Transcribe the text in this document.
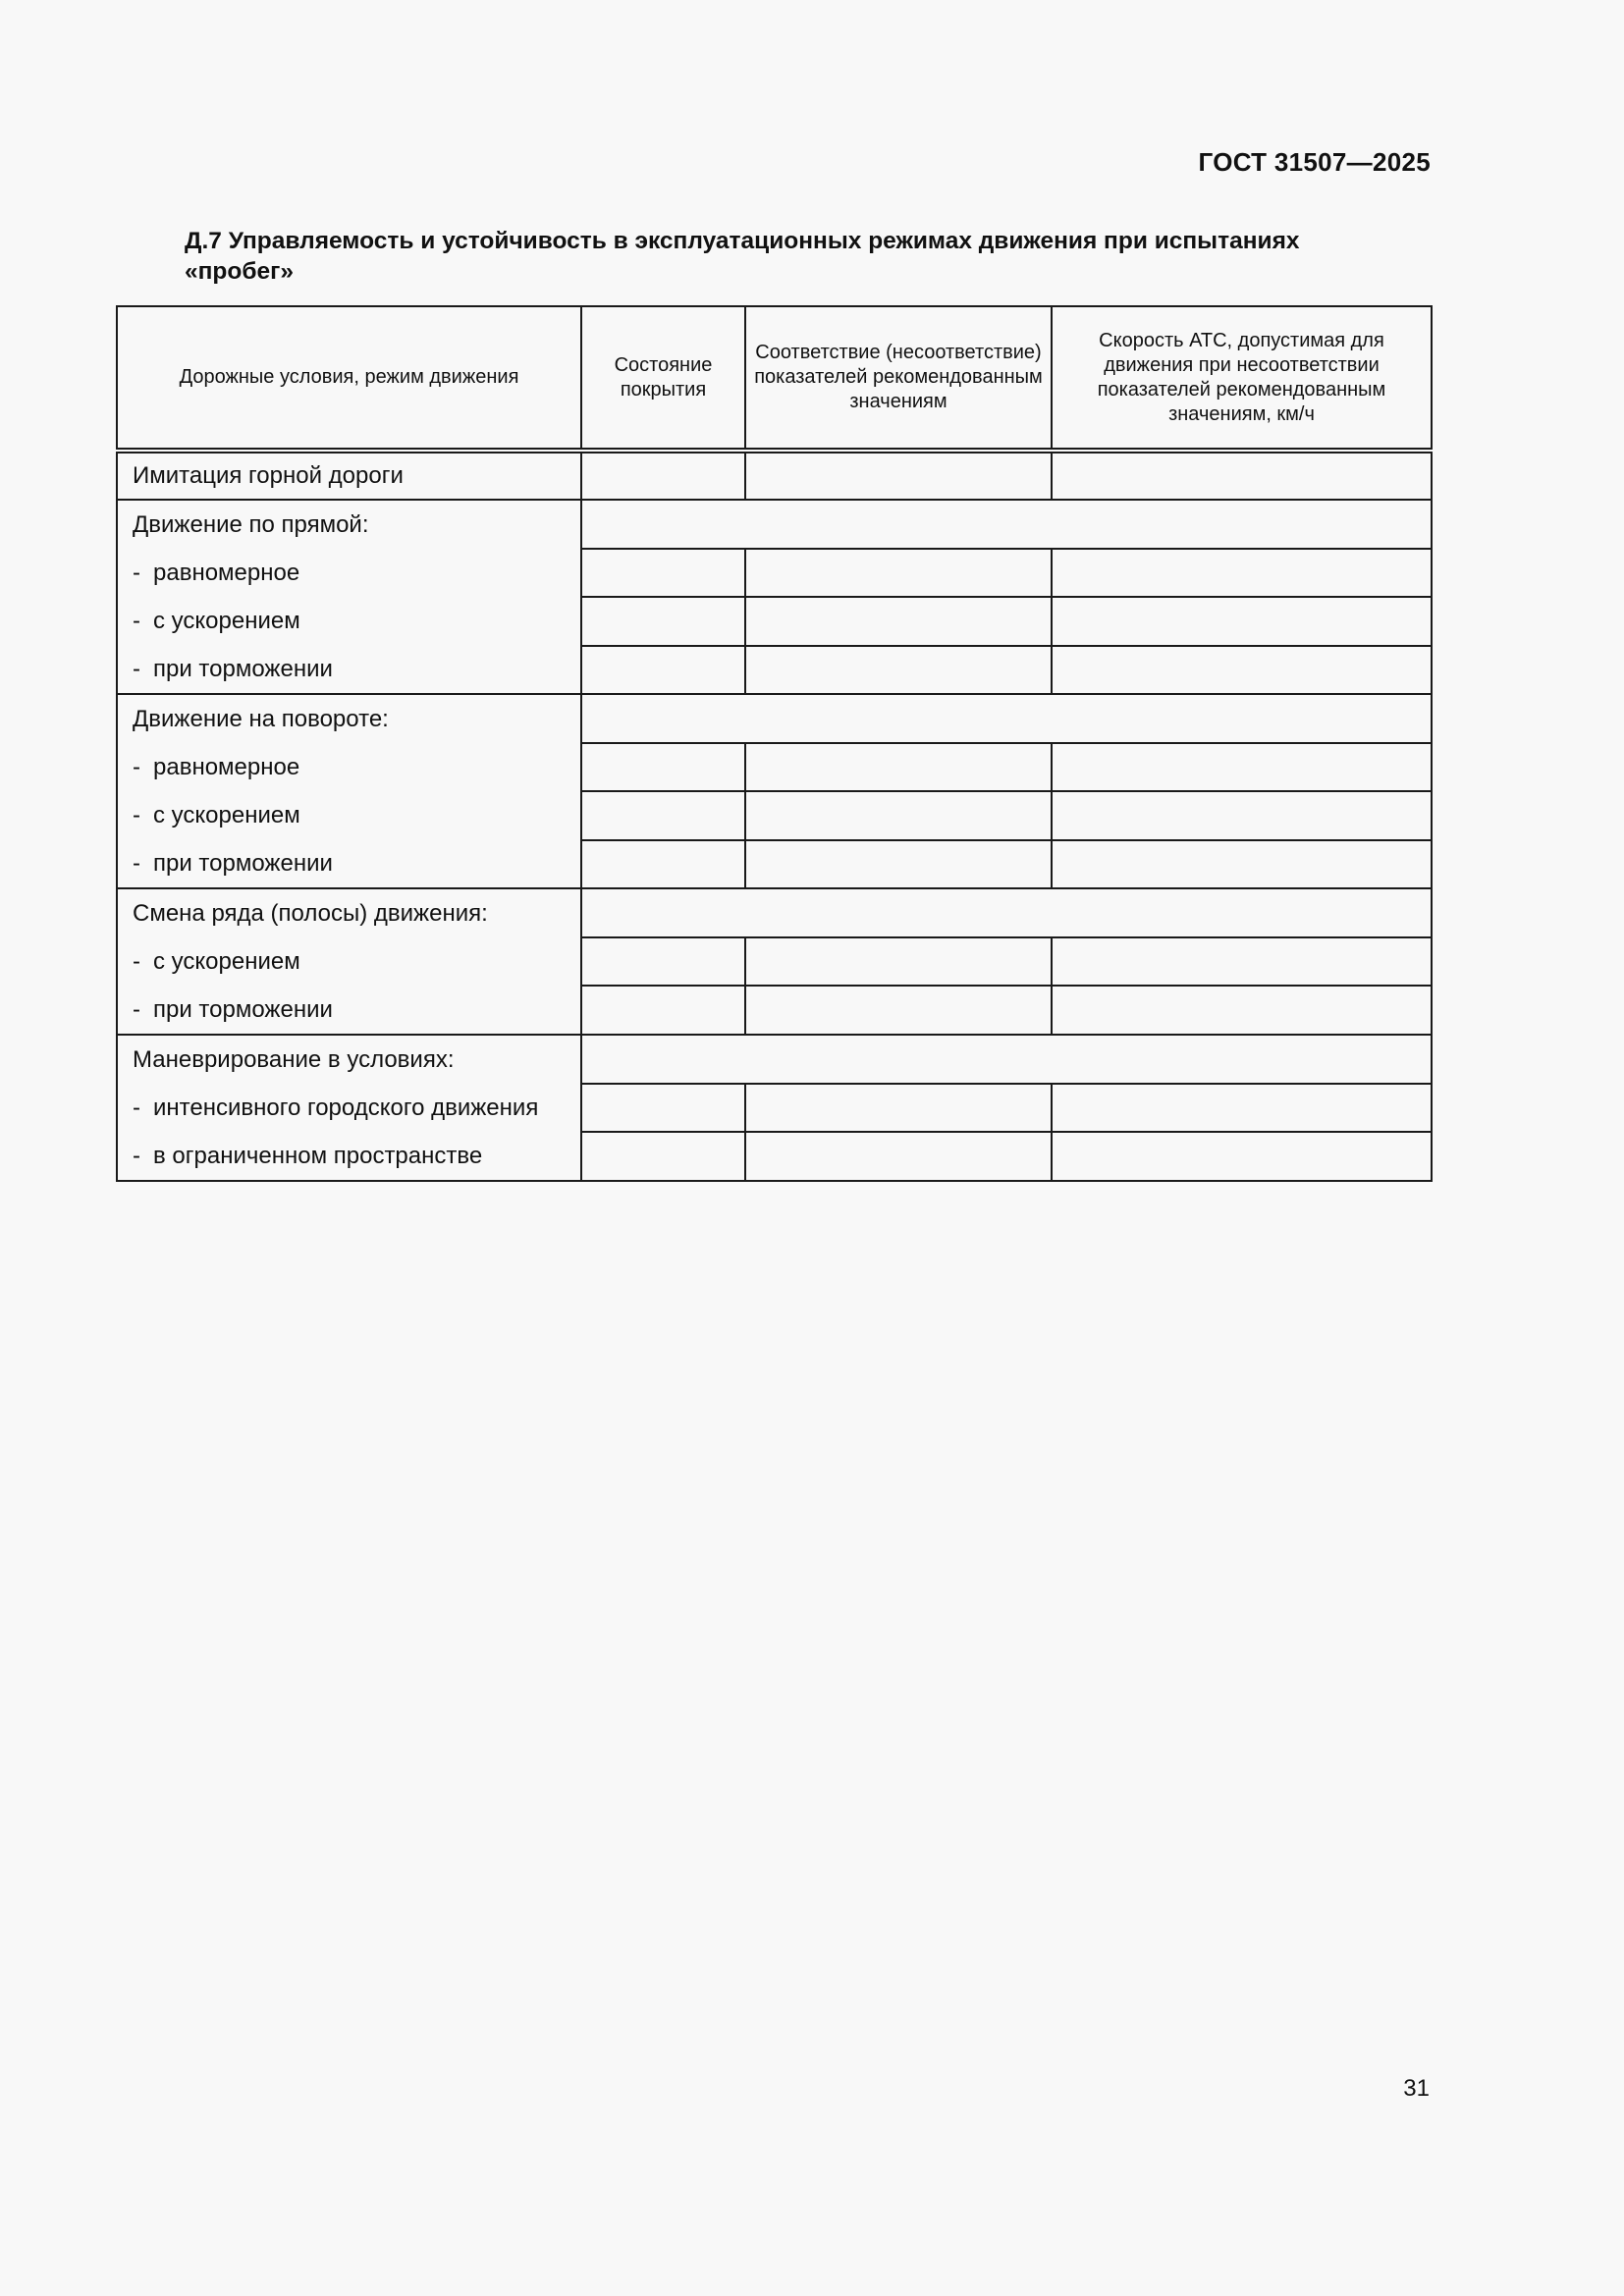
ГОСТ 31507—2025
Д.7 Управляемость и устойчивость в эксплуатационных режимах движения при испытаниях «пробег»
Дорожные условия, режим движения	Состояние покрытия	Соответствие (несоответствие) показателей рекомендованным значениям	Скорость АТС, допустимая для движения при несоответствии показателей рекомендованным значениям, км/ч
Имитация горной дороги			

Движение по прямой:
- равномерное
- с ускорением
- при торможении			

Движение на повороте:
- равномерное
- с ускорением
- при торможении			

Смена ряда (полосы) движения:
- с ускорением
- при торможении			

Маневрирование в условиях:
- интенсивного городского движения
- в ограниченном пространстве			

31
